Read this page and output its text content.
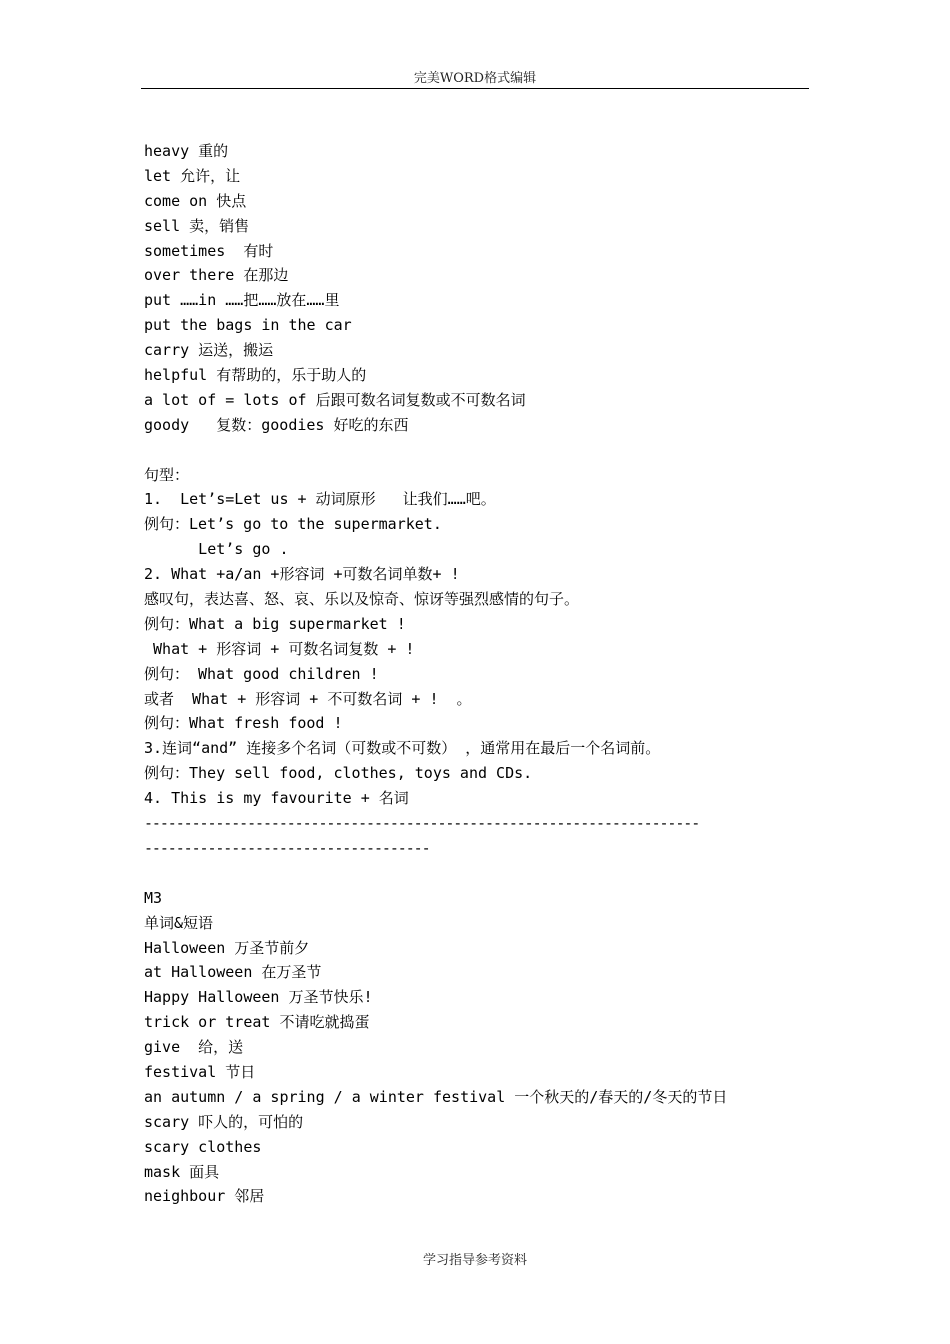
完美WORD格式编辑
heavy 重的
let 允许，让
come on 快点
sell 卖，销售
sometimes  有时
over there 在那边
put ……in ……把……放在……里
put the bags in the car
carry 运送，搬运
helpful 有帮助的，乐于助人的
a lot of = lots of 后跟可数名词复数或不可数名词
goody   复数：goodies 好吃的东西
句型：
1.  Let’s=Let us + 动词原形   让我们……吧。
例句：Let’s go to the supermarket.
Let’s go .
2. What +a/an +形容词 +可数名词单数+ !
感叹句，表达喜、怒、哀、乐以及惊奇、惊讶等强烈感情的句子。
例句：What a big supermarket !
What + 形容词 + 可数名词复数 + !
例句： What good children !
或者  What + 形容词 + 不可数名词 + !  。
例句：What fresh food !
3.连词“and” 连接多个名词（可数或不可数） ，通常用在最后一个名词前。
例句：They sell food, clothes, toys and CDs.
4. This is my favourite + 名词
----------------------------------------------------------------------
------------------------------------
M3
单词&短语
Halloween 万圣节前夕
at Halloween 在万圣节
Happy Halloween 万圣节快乐!
trick or treat 不请吃就捣蛋
give  给，送
festival 节日
an autumn / a spring / a winter festival 一个秋天的/春天的/冬天的节日
scary 吓人的，可怕的
scary clothes
mask 面具
neighbour 邻居
学习指导参考资料
